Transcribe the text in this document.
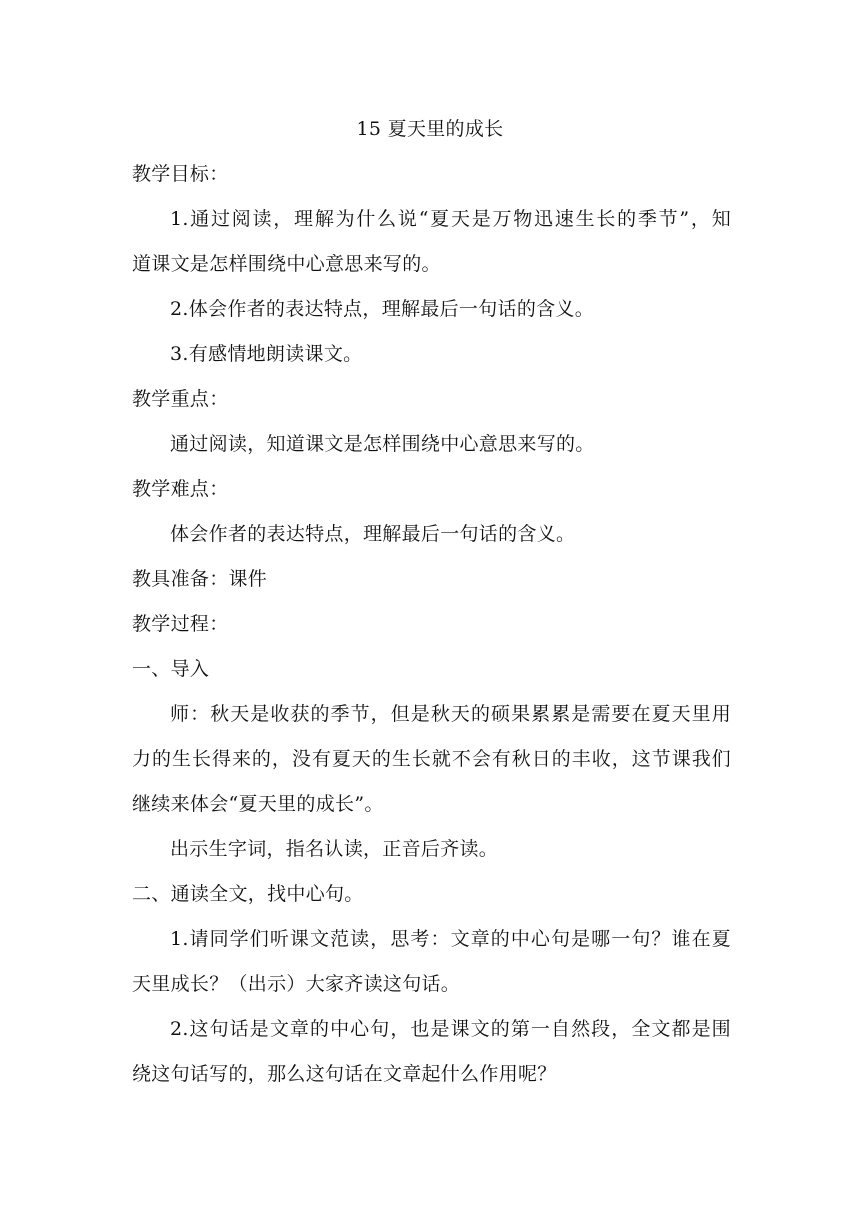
15 夏天里的成长
教学目标：
1.通过阅读，理解为什么说“夏天是万物迅速生长的季节”，知
道课文是怎样围绕中心意思来写的。
2.体会作者的表达特点，理解最后一句话的含义。
3.有感情地朗读课文。
教学重点：
通过阅读，知道课文是怎样围绕中心意思来写的。
教学难点：
体会作者的表达特点，理解最后一句话的含义。
教具准备：课件
教学过程：
一、导入
师：秋天是收获的季节，但是秋天的硕果累累是需要在夏天里用
力的生长得来的，没有夏天的生长就不会有秋日的丰收，这节课我们
继续来体会“夏天里的成长”。
出示生字词，指名认读，正音后齐读。
二、通读全文，找中心句。
1.请同学们听课文范读，思考：文章的中心句是哪一句？谁在夏
天里成长？（出示）大家齐读这句话。
2.这句话是文章的中心句，也是课文的第一自然段，全文都是围
绕这句话写的，那么这句话在文章起什么作用呢？
